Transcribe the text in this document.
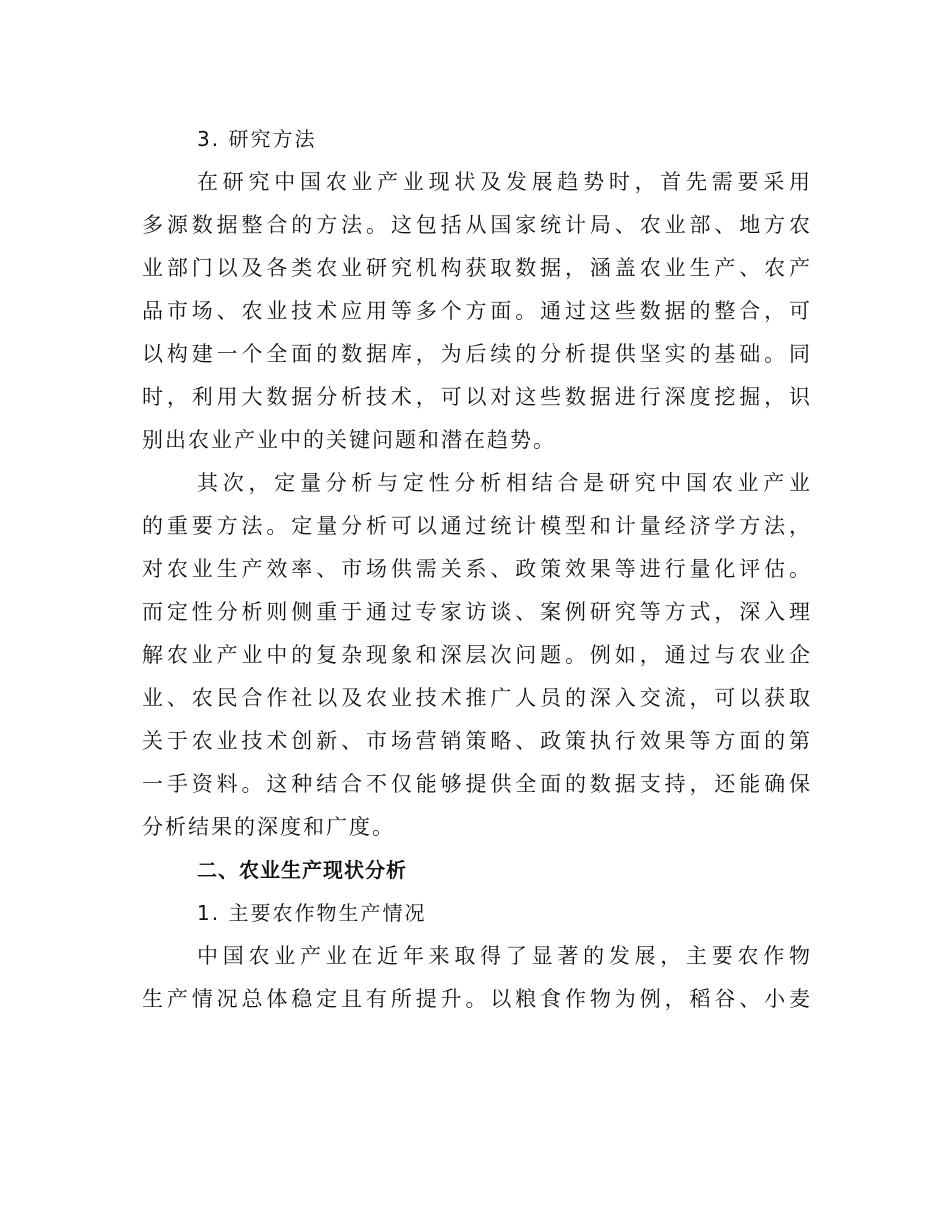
3. 研究方法

在研究中国农业产业现状及发展趋势时，首先需要采用
多源数据整合的方法。这包括从国家统计局、农业部、地方农
业部门以及各类农业研究机构获取数据，涵盖农业生产、农产
品市场、农业技术应用等多个方面。通过这些数据的整合，可
以构建一个全面的数据库，为后续的分析提供坚实的基础。同
时，利用大数据分析技术，可以对这些数据进行深度挖掘，识
别出农业产业中的关键问题和潜在趋势。

其次，定量分析与定性分析相结合是研究中国农业产业
的重要方法。定量分析可以通过统计模型和计量经济学方法，
对农业生产效率、市场供需关系、政策效果等进行量化评估。
而定性分析则侧重于通过专家访谈、案例研究等方式，深入理
解农业产业中的复杂现象和深层次问题。例如，通过与农业企
业、农民合作社以及农业技术推广人员的深入交流，可以获取
关于农业技术创新、市场营销策略、政策执行效果等方面的第
一手资料。这种结合不仅能够提供全面的数据支持，还能确保
分析结果的深度和广度。

二、农业生产现状分析
1. 主要农作物生产情况

中国农业产业在近年来取得了显著的发展，主要农作物
生产情况总体稳定且有所提升。以粮食作物为例，稻谷、小麦
